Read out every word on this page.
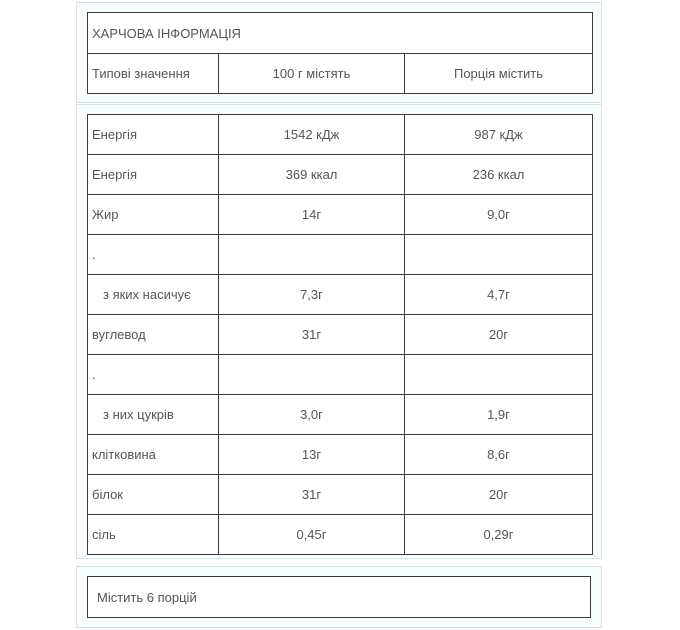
ХАРЧОВА ІНФОРМАЦІЯ
Типові значення	100 г містять	Порція містить
Енергія	1542 кДж	987 кДж
Енергія	369 ккал	236 ккал
Жир	14г	9,0г
.		
з яких насичує	7,3г	4,7г
вуглевод	31г	20г
.		
з них цукрів	3,0г	1,9г
клітковина	13г	8,6г
білок	31г	20г
сіль	0,45г	0,29г
Містить 6 порцій
